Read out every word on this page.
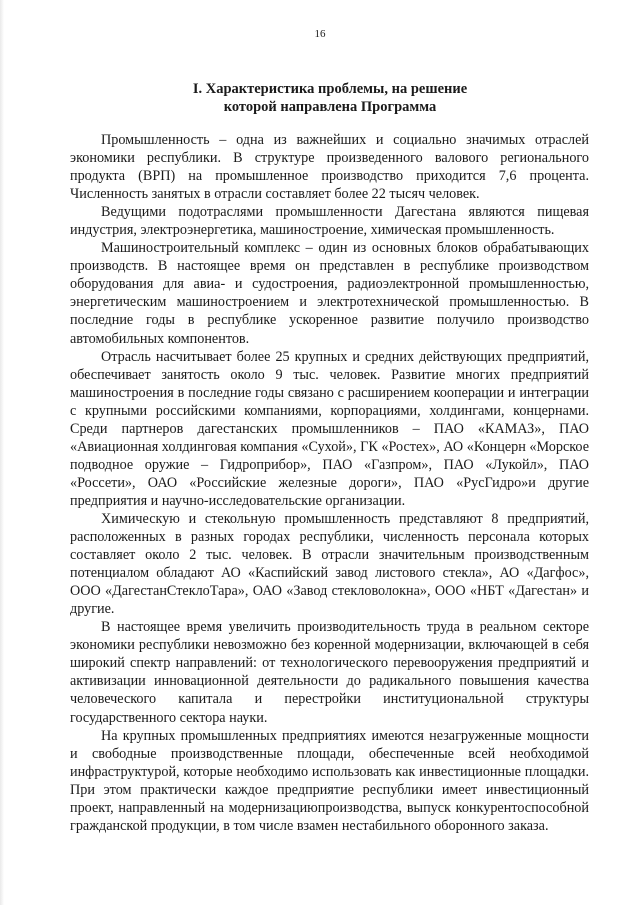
16
I. Характеристика проблемы, на решение
которой направлена Программа

Промышленность – одна из важнейших и социально значимых отраслей экономики республики. В структуре произведенного валового регионального продукта (ВРП) на промышленное производство приходится 7,6 процента. Численность занятых в отрасли составляет более 22 тысяч человек.

Ведущими подотраслями промышленности Дагестана являются пищевая индустрия, электроэнергетика, машиностроение, химическая промышленность.

Машиностроительный комплекс – один из основных блоков обрабатывающих производств. В настоящее время он представлен в республике производством оборудования для авиа- и судостроения, радиоэлектронной промышленностью, энергетическим машиностроением и электротехнической промышленностью. В последние годы в республике ускоренное развитие получило производство автомобильных компонентов.

Отрасль насчитывает более 25 крупных и средних действующих предприятий, обеспечивает занятость около 9 тыс. человек. Развитие многих предприятий машиностроения в последние годы связано с расширением кооперации и интеграции с крупными российскими компаниями, корпорациями, холдингами, концернами. Среди партнеров дагестанских промышленников – ПАО «КАМАЗ», ПАО «Авиационная холдинговая компания «Сухой», ГК «Ростех», АО «Концерн «Морское подводное оружие – Гидроприбор», ПАО «Газпром», ПАО «Лукойл», ПАО «Россети», ОАО «Российские железные дороги», ПАО «РусГидро»и другие предприятия и научно-исследовательские организации.

Химическую и стекольную промышленность представляют 8 предприятий, расположенных в разных городах республики, численность персонала которых составляет около 2 тыс. человек. В отрасли значительным производственным потенциалом обладают АО «Каспийский завод листового стекла», АО «Дагфос», ООО «ДагестанСтеклоТара», ОАО «Завод стекловолокна», ООО «НБТ «Дагестан» и другие.

В настоящее время увеличить производительность труда в реальном секторе экономики республики невозможно без коренной модернизации, включающей в себя широкий спектр направлений: от технологического перевооружения предприятий и активизации инновационной деятельности до радикального повышения качества человеческого капитала и перестройки институциональной структуры государственного сектора науки.

На крупных промышленных предприятиях имеются незагруженные мощности и свободные производственные площади, обеспеченные всей необходимой инфраструктурой, которые необходимо использовать как инвестиционные площадки. При этом практически каждое предприятие республики имеет инвестиционный проект, направленный на модернизациюпроизводства, выпуск конкурентоспособной гражданской продукции, в том числе взамен нестабильного оборонного заказа.
